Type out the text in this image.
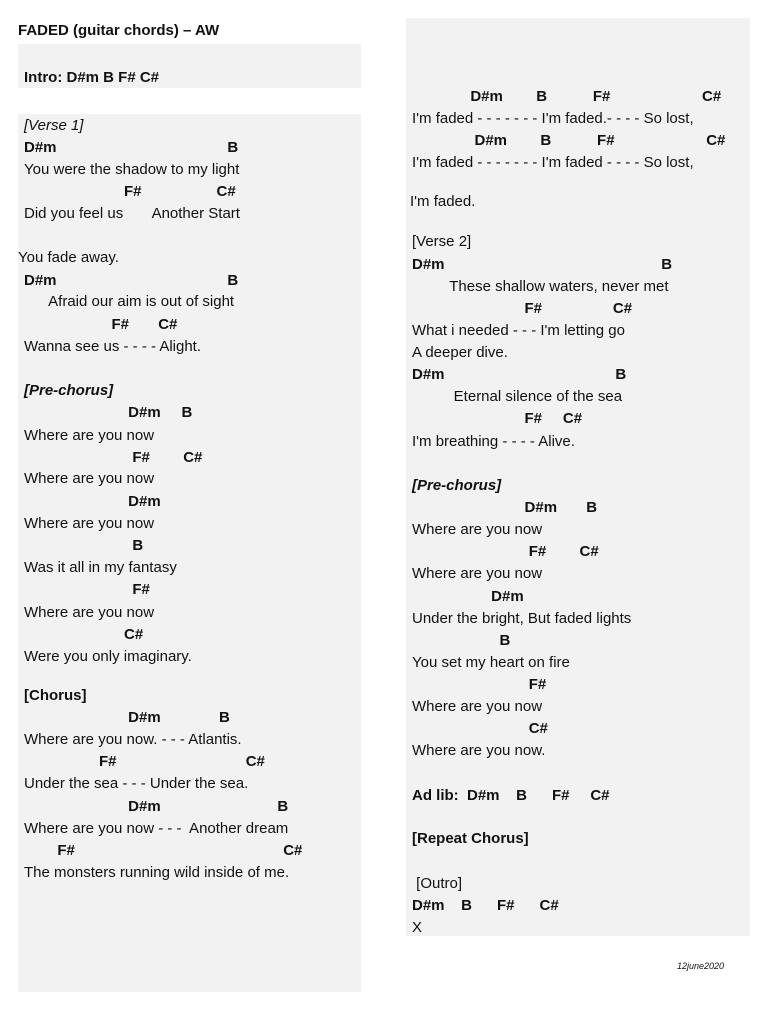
FADED (guitar chords) – AW
Intro: D#m B F# C#
[Verse 1]
D#m                                         B
You were the shadow to my light
F#                  C#
Did you feel us       Another Start
You fade away.
D#m                                         B
Afraid our aim is out of sight
F#       C#
Wanna see us - - - - Alight.
[Pre-chorus]
D#m     B
Where are you now
F#        C#
Where are you now
D#m
Where are you now
B
Was it all in my fantasy
F#
Where are you now
C#
Were you only imaginary.
[Chorus]
D#m              B
Where are you now. - - - Atlantis.
F#                               C#
Under the sea - - - Under the sea.
D#m                            B
Where are you now - - -  Another dream
F#                                                  C#
The monsters running wild inside of me.
D#m        B           F#                      C#
I'm faded - - - - - - - I'm faded.- - - - So lost,
D#m        B           F#                      C#
I'm faded - - - - - - - I'm faded - - - - So lost,
I'm faded.
[Verse 2]
D#m                                                    B
These shallow waters, never met
F#                 C#
What i needed - - - I'm letting go
A deeper dive.
D#m                                         B
Eternal silence of the sea
F#     C#
I'm breathing - - - - Alive.
[Pre-chorus]
D#m       B
Where are you now
F#        C#
Where are you now
D#m
Under the bright, But faded lights
B
You set my heart on fire
F#
Where are you now
C#
Where are you now.
Ad lib:  D#m    B      F#     C#
[Repeat Chorus]
[Outro]
D#m    B      F#      C#
X
12june2020
